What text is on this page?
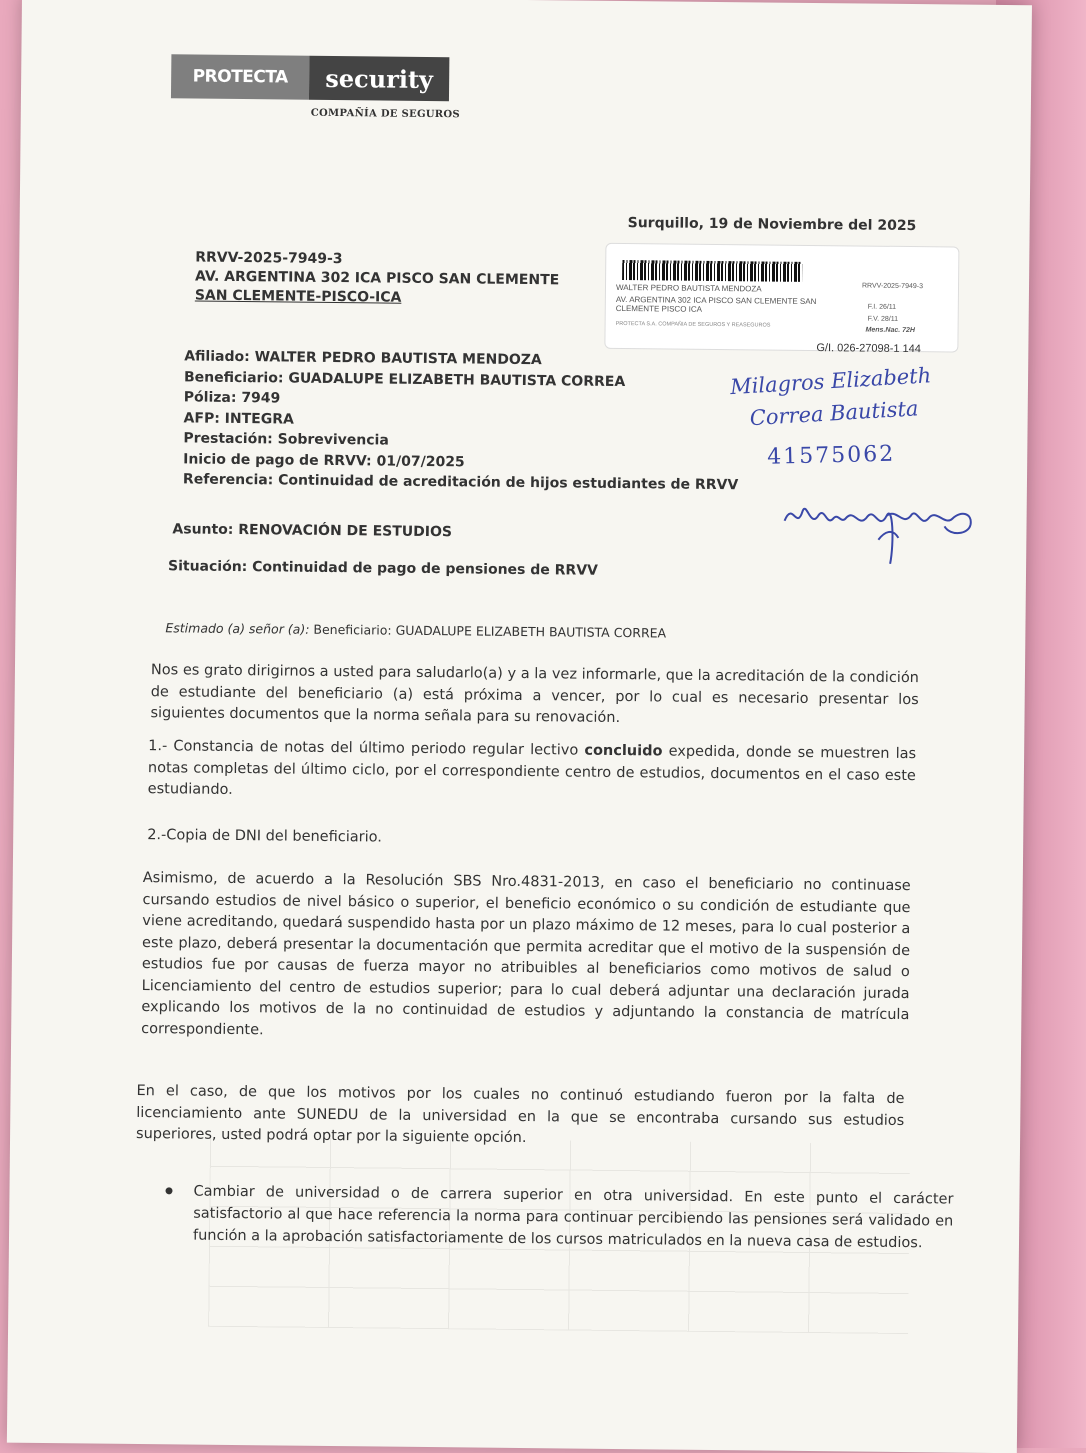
PROTECTA	security
COMPAÑÍA DE SEGUROS
Surquillo, 19 de Noviembre del 2025
RRVV-2025-7949-3
AV. ARGENTINA 302 ICA PISCO SAN CLEMENTE
SAN CLEMENTE-PISCO-ICA	WALTER PEDRO BAUTISTA MENDOZA
AV. ARGENTINA 302 ICA PISCO SAN CLEMENTE SAN CLEMENTE PISCO ICA
PROTECTA S.A. COMPAÑIA DE SEGUROS Y REASEGUROS
RRVV-2025-7949-3
F.I. 26/11
F.V. 28/11
Mens.Nac. 72H
G/I. 026-27098-1 144
Afiliado: WALTER PEDRO BAUTISTA MENDOZA
Beneficiario: GUADALUPE ELIZABETH BAUTISTA CORREA
Póliza: 7949
AFP: INTEGRA
Prestación: Sobrevivencia
Inicio de pago de RRVV: 01/07/2025
Referencia: Continuidad de acreditación de hijos estudiantes de RRVV
Milagros Elizabeth
Correa Bautista
41575062
Asunto: RENOVACIÓN DE ESTUDIOS
Situación: Continuidad de pago de pensiones de RRVV
Estimado (a) señor (a): Beneficiario: GUADALUPE ELIZABETH BAUTISTA CORREA
Nos es grato dirigirnos a usted para saludarlo(a) y a la vez informarle, que la acreditación de la condición de estudiante del beneficiario (a) está próxima a vencer, por lo cual es necesario presentar los siguientes documentos que la norma señala para su renovación.
1.- Constancia de notas del último periodo regular lectivo concluido expedida, donde se muestren las notas completas del último ciclo, por el correspondiente centro de estudios, documentos en el caso este estudiando.
2.-Copia de DNI del beneficiario.
Asimismo, de acuerdo a la Resolución SBS Nro.4831-2013, en caso el beneficiario no continuase cursando estudios de nivel básico o superior, el beneficio económico o su condición de estudiante que viene acreditando, quedará suspendido hasta por un plazo máximo de 12 meses, para lo cual posterior a este plazo, deberá presentar la documentación que permita acreditar que el motivo de la suspensión de estudios fue por causas de fuerza mayor no atribuibles al beneficiarios como motivos de salud o Licenciamiento del centro de estudios superior; para lo cual deberá adjuntar una declaración jurada explicando los motivos de la no continuidad de estudios y adjuntando la constancia de matrícula correspondiente.
En el caso, de que los motivos por los cuales no continuó estudiando fueron por la falta de licenciamiento ante SUNEDU de la universidad en la que se encontraba cursando sus estudios superiores, usted podrá optar por la siguiente opción.
Cambiar de universidad o de carrera superior en otra universidad. En este punto el carácter satisfactorio al que hace referencia la norma para continuar percibiendo las pensiones será validado en función a la aprobación satisfactoriamente de los cursos matriculados en la nueva casa de estudios.
